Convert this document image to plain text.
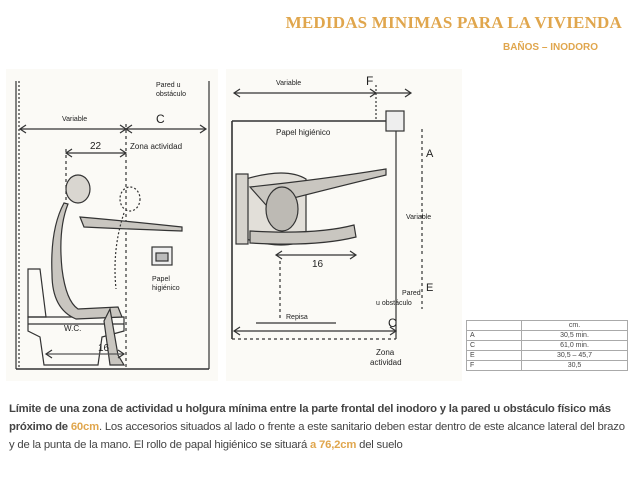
MEDIDAS MINIMAS PARA LA VIVIENDA
BAÑOS – INODORO
Pared u
obstáculo
Variable	C
22	Zona actividad
Papel
higiénico
W.C.
16
Variable	F
Papel higiénico
A
Variable
16
E
Pared
u obstáculo
Repisa	C
Zona
actividad
	cm.
A	30,5 min.
C	61,0 min.
E	30,5 – 45,7
F	30,5
Límite de una zona de actividad u holgura mínima entre la parte frontal del inodoro y la pared u obstáculo físico más próximo de 60cm. Los accesorios situados al lado o frente a este sanitario deben estar dentro de este alcance lateral del brazo y de la punta de la mano. El rollo de papal higiénico se situará a 76,2cm del suelo
